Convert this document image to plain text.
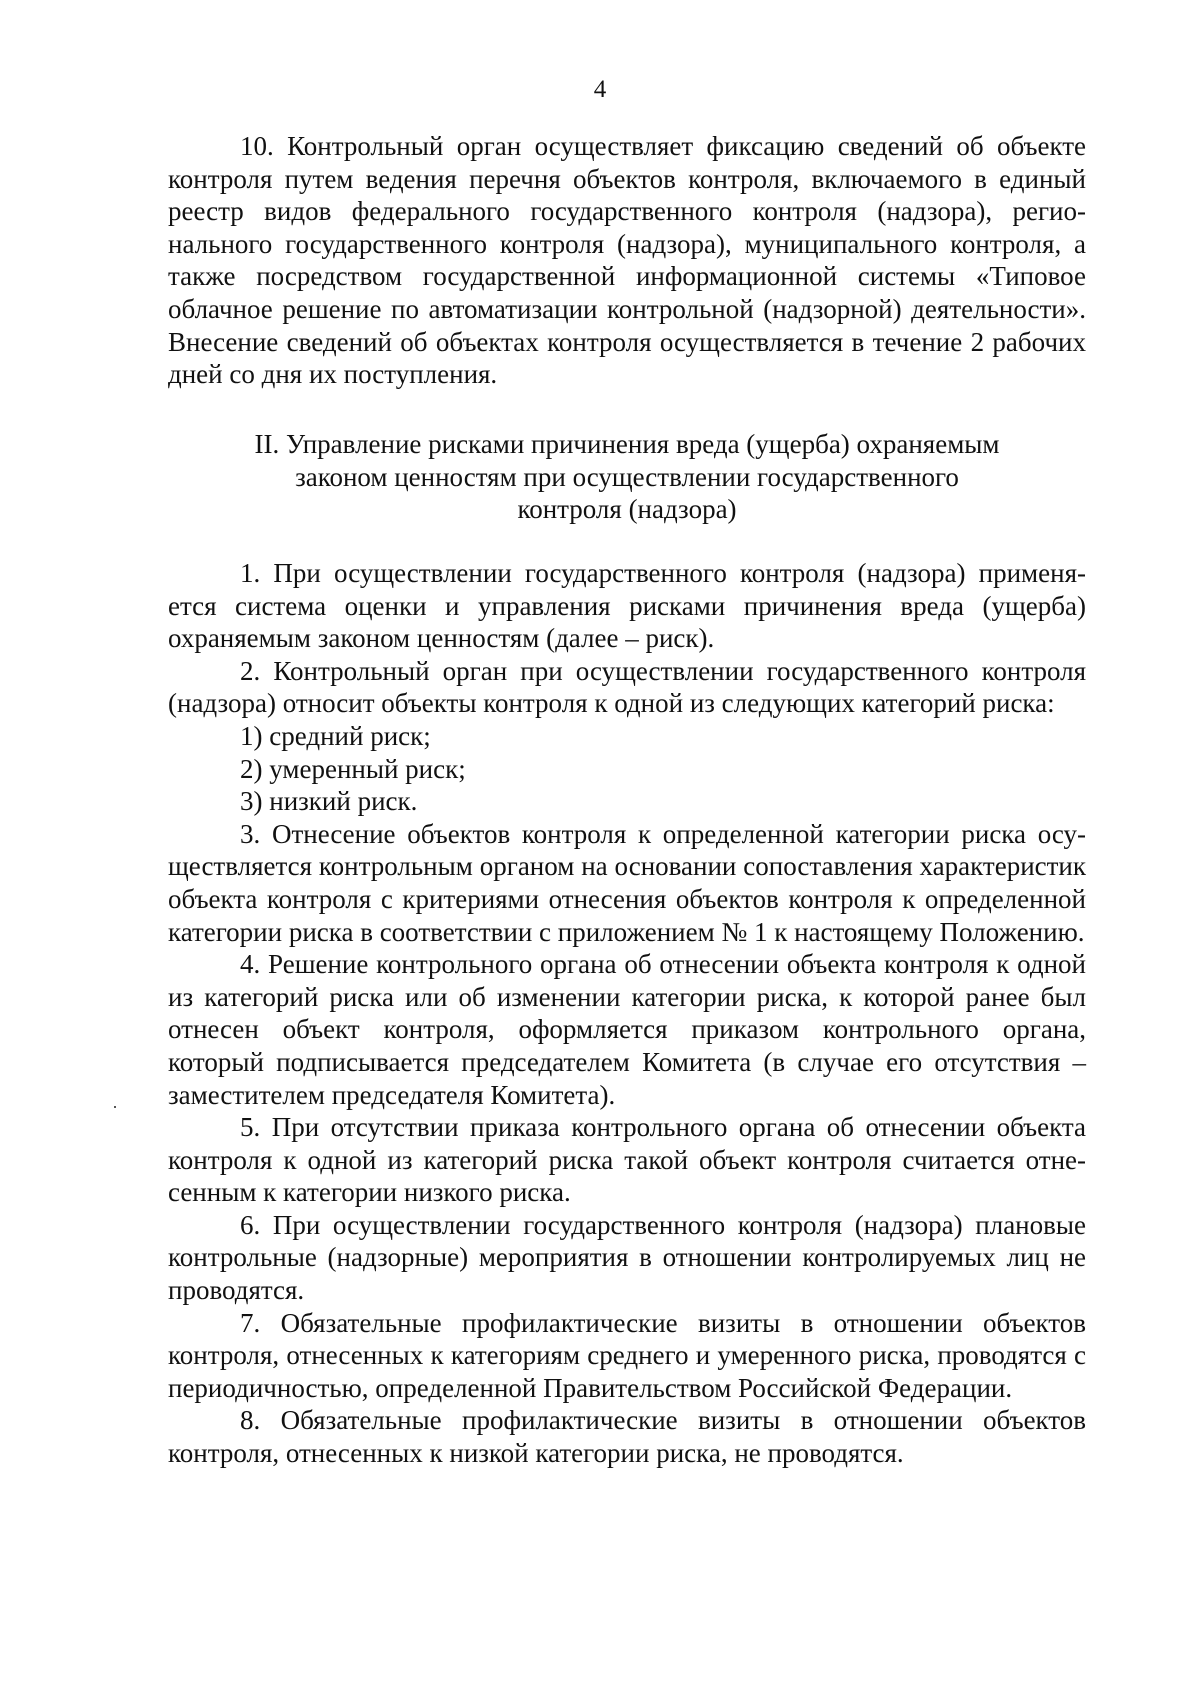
4

10. Контрольный орган осуществляет фиксацию сведений об объекте контроля путем ведения перечня объектов контроля, включаемого в единый реестр видов федерального государственного контроля (надзора), регионального государственного контроля (надзора), муниципального контроля, а также посредством государственной информационной системы «Типовое облачное решение по автоматизации контрольной (надзорной) деятельности». Внесение сведений об объектах контроля осуществляется в течение 2 рабочих дней со дня их поступления.

II. Управление рисками причинения вреда (ущерба) охраняемым
законом ценностям при осуществлении государственного
контроля (надзора)

1. При осуществлении государственного контроля (надзора) применяется система оценки и управления рисками причинения вреда (ущерба) охраняемым законом ценностям (далее – риск).

2. Контрольный орган при осуществлении государственного контроля (надзора) относит объекты контроля к одной из следующих категорий риска:

1) средний риск;

2) умеренный риск;

3) низкий риск.

3. Отнесение объектов контроля к определенной категории риска осуществляется контрольным органом на основании сопоставления характеристик объекта контроля с критериями отнесения объектов контроля к определенной категории риска в соответствии с приложением № 1 к настоящему Положению.

4. Решение контрольного органа об отнесении объекта контроля к одной из категорий риска или об изменении категории риска, к которой ранее был отнесен объект контроля, оформляется приказом контрольного органа, который подписывается председателем Комитета (в случае его отсутствия – заместителем председателя Комитета).

5. При отсутствии приказа контрольного органа об отнесении объекта контроля к одной из категорий риска такой объект контроля считается отнесенным к категории низкого риска.

6. При осуществлении государственного контроля (надзора) плановые контрольные (надзорные) мероприятия в отношении контролируемых лиц не проводятся.

7. Обязательные профилактические визиты в отношении объектов контроля, отнесенных к категориям среднего и умеренного риска, проводятся с периодичностью, определенной Правительством Российской Федерации.

8. Обязательные профилактические визиты в отношении объектов контроля, отнесенных к низкой категории риска, не проводятся.
